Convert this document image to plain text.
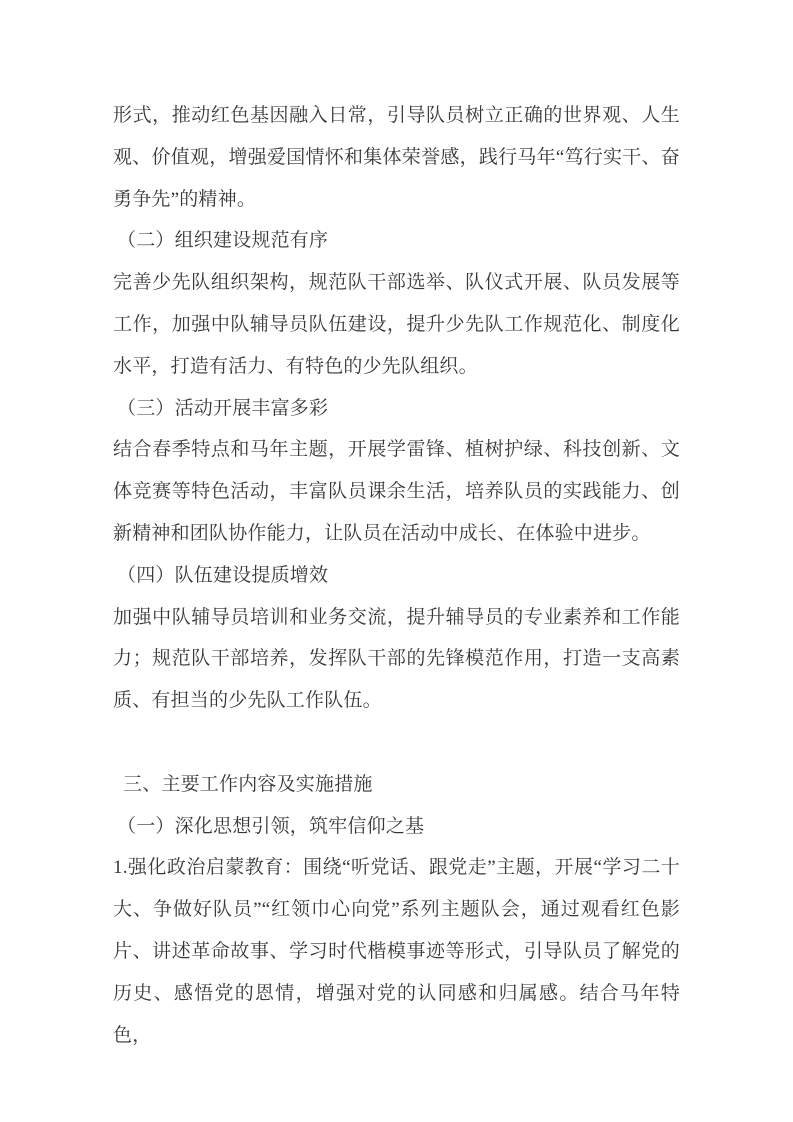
形式，推动红色基因融入日常，引导队员树立正确的世界观、人生观、价值观，增强爱国情怀和集体荣誉感，践行马年“笃行实干、奋勇争先”的精神。

（二）组织建设规范有序

完善少先队组织架构，规范队干部选举、队仪式开展、队员发展等工作，加强中队辅导员队伍建设，提升少先队工作规范化、制度化水平，打造有活力、有特色的少先队组织。

（三）活动开展丰富多彩

结合春季特点和马年主题，开展学雷锋、植树护绿、科技创新、文体竞赛等特色活动，丰富队员课余生活，培养队员的实践能力、创新精神和团队协作能力，让队员在活动中成长、在体验中进步。

（四）队伍建设提质增效

加强中队辅导员培训和业务交流，提升辅导员的专业素养和工作能力；规范队干部培养，发挥队干部的先锋模范作用，打造一支高素质、有担当的少先队工作队伍。

三、主要工作内容及实施措施

（一）深化思想引领，筑牢信仰之基

1.强化政治启蒙教育：围绕“听党话、跟党走”主题，开展“学习二十大、争做好队员”“红领巾心向党”系列主题队会，通过观看红色影片、讲述革命故事、学习时代楷模事迹等形式，引导队员了解党的历史、感悟党的恩情，增强对党的认同感和归属感。结合马年特色，
